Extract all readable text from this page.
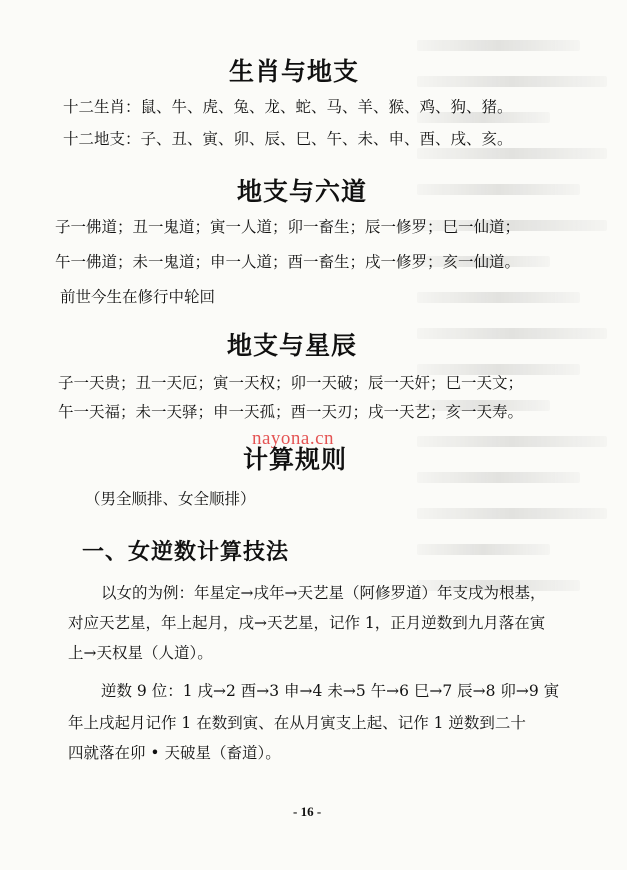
生肖与地支
十二生肖：鼠、牛、虎、兔、龙、蛇、马、羊、猴、鸡、狗、猪。
十二地支：子、丑、寅、卯、辰、巳、午、未、申、酉、戌、亥。
地支与六道
子一佛道；丑一鬼道；寅一人道；卯一畜生；辰一修罗；巳一仙道；
午一佛道；未一鬼道；申一人道；酉一畜生；戌一修罗；亥一仙道。
前世今生在修行中轮回
地支与星辰
子一天贵；丑一天厄；寅一天权；卯一天破；辰一天奸；巳一天文；
午一天福；未一天驿；申一天孤；酉一天刃；戌一天艺；亥一天寿。
nayona.cn
计算规则
（男全顺排、女全顺排）
一、女逆数计算技法
以女的为例：年星定→戌年→天艺星（阿修罗道）年支戌为根基，
对应天艺星，年上起月，戌→天艺星，记作 1，正月逆数到九月落在寅
上→天权星（人道）。
逆数 9 位：1 戌→2 酉→3 申→4 未→5 午→6 巳→7 辰→8 卯→9 寅
年上戌起月记作 1 在数到寅、在从月寅支上起、记作 1 逆数到二十
四就落在卯 • 天破星（畜道）。
- 16 -
